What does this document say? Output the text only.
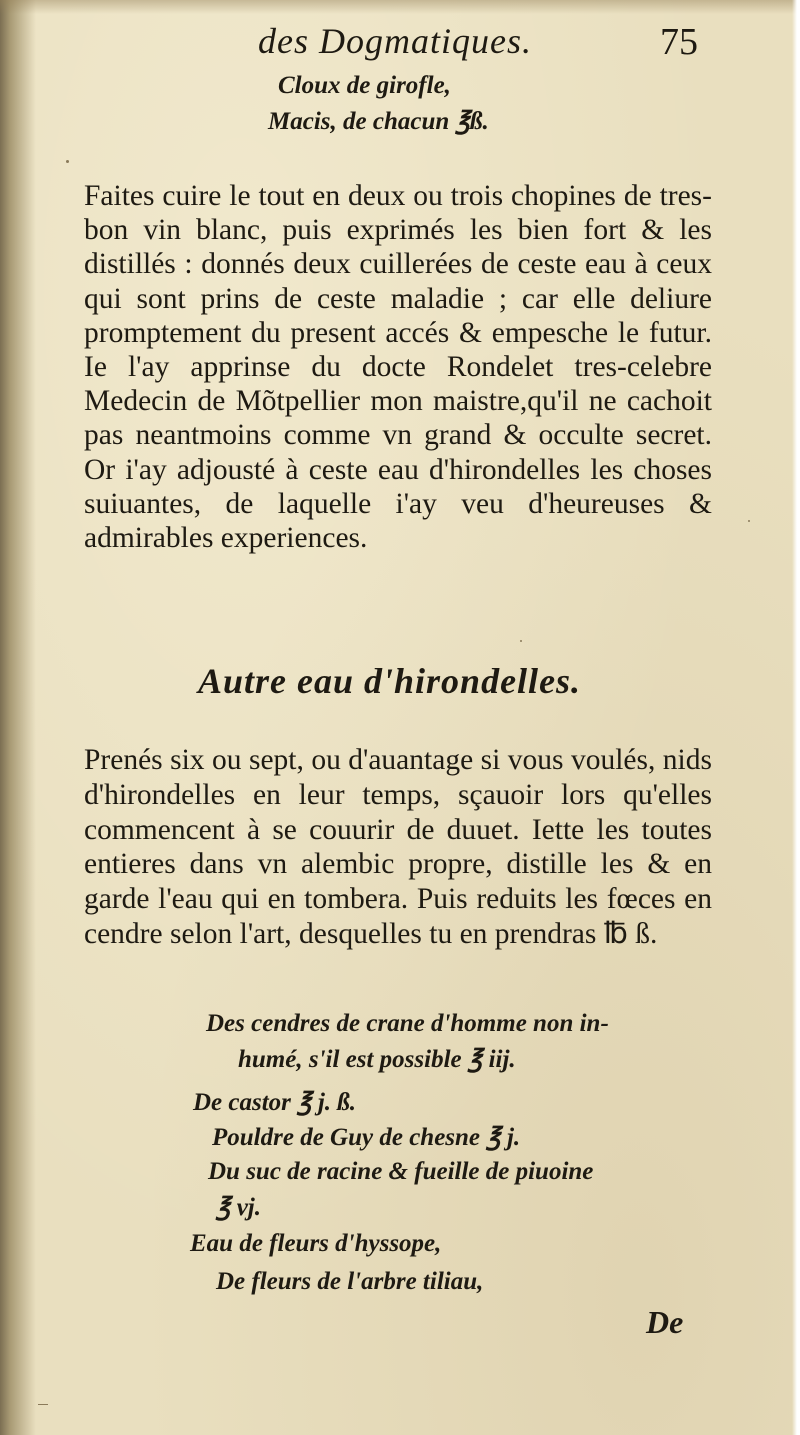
des Dogmatiques.	75
Cloux de girofle,
Macis, de chacun ℥ß.
Faites cuire le tout en deux ou trois chopines de tres-bon vin blanc, puis exprimés les bien fort & les distillés : donnés deux cuillerées de ceste eau à ceux qui sont prins de ceste maladie ; car elle deliure promptement du present accés & empesche le futur. Ie l'ay apprinse du docte Rondelet tres-celebre Medecin de Mõtpellier mon maistre,qu'il ne cachoit pas neantmoins comme vn grand & occulte secret. Or i'ay adjousté à ceste eau d'hirondelles les choses suiuantes, de laquelle i'ay veu d'heureuses & admirables experiences.
Autre eau d'hirondelles.
Prenés six ou sept, ou d'auantage si vous voulés, nids d'hirondelles en leur temps, sçauoir lors qu'elles commencent à se couurir de duuet. Iette les toutes entieres dans vn alembic propre, distille les & en garde l'eau qui en tombera. Puis reduits les fœces en cendre selon l'art, desquelles tu en prendras ℔ ß.
Des cendres de crane d'homme non in-
humé, s'il est possible ℥ iij.
De castor ℥ j. ß.
Pouldre de Guy de chesne ℥ j.
Du suc de racine & fueille de piuoine
℥ vj.
Eau de fleurs d'hyssope,
De fleurs de l'arbre tiliau,
De
